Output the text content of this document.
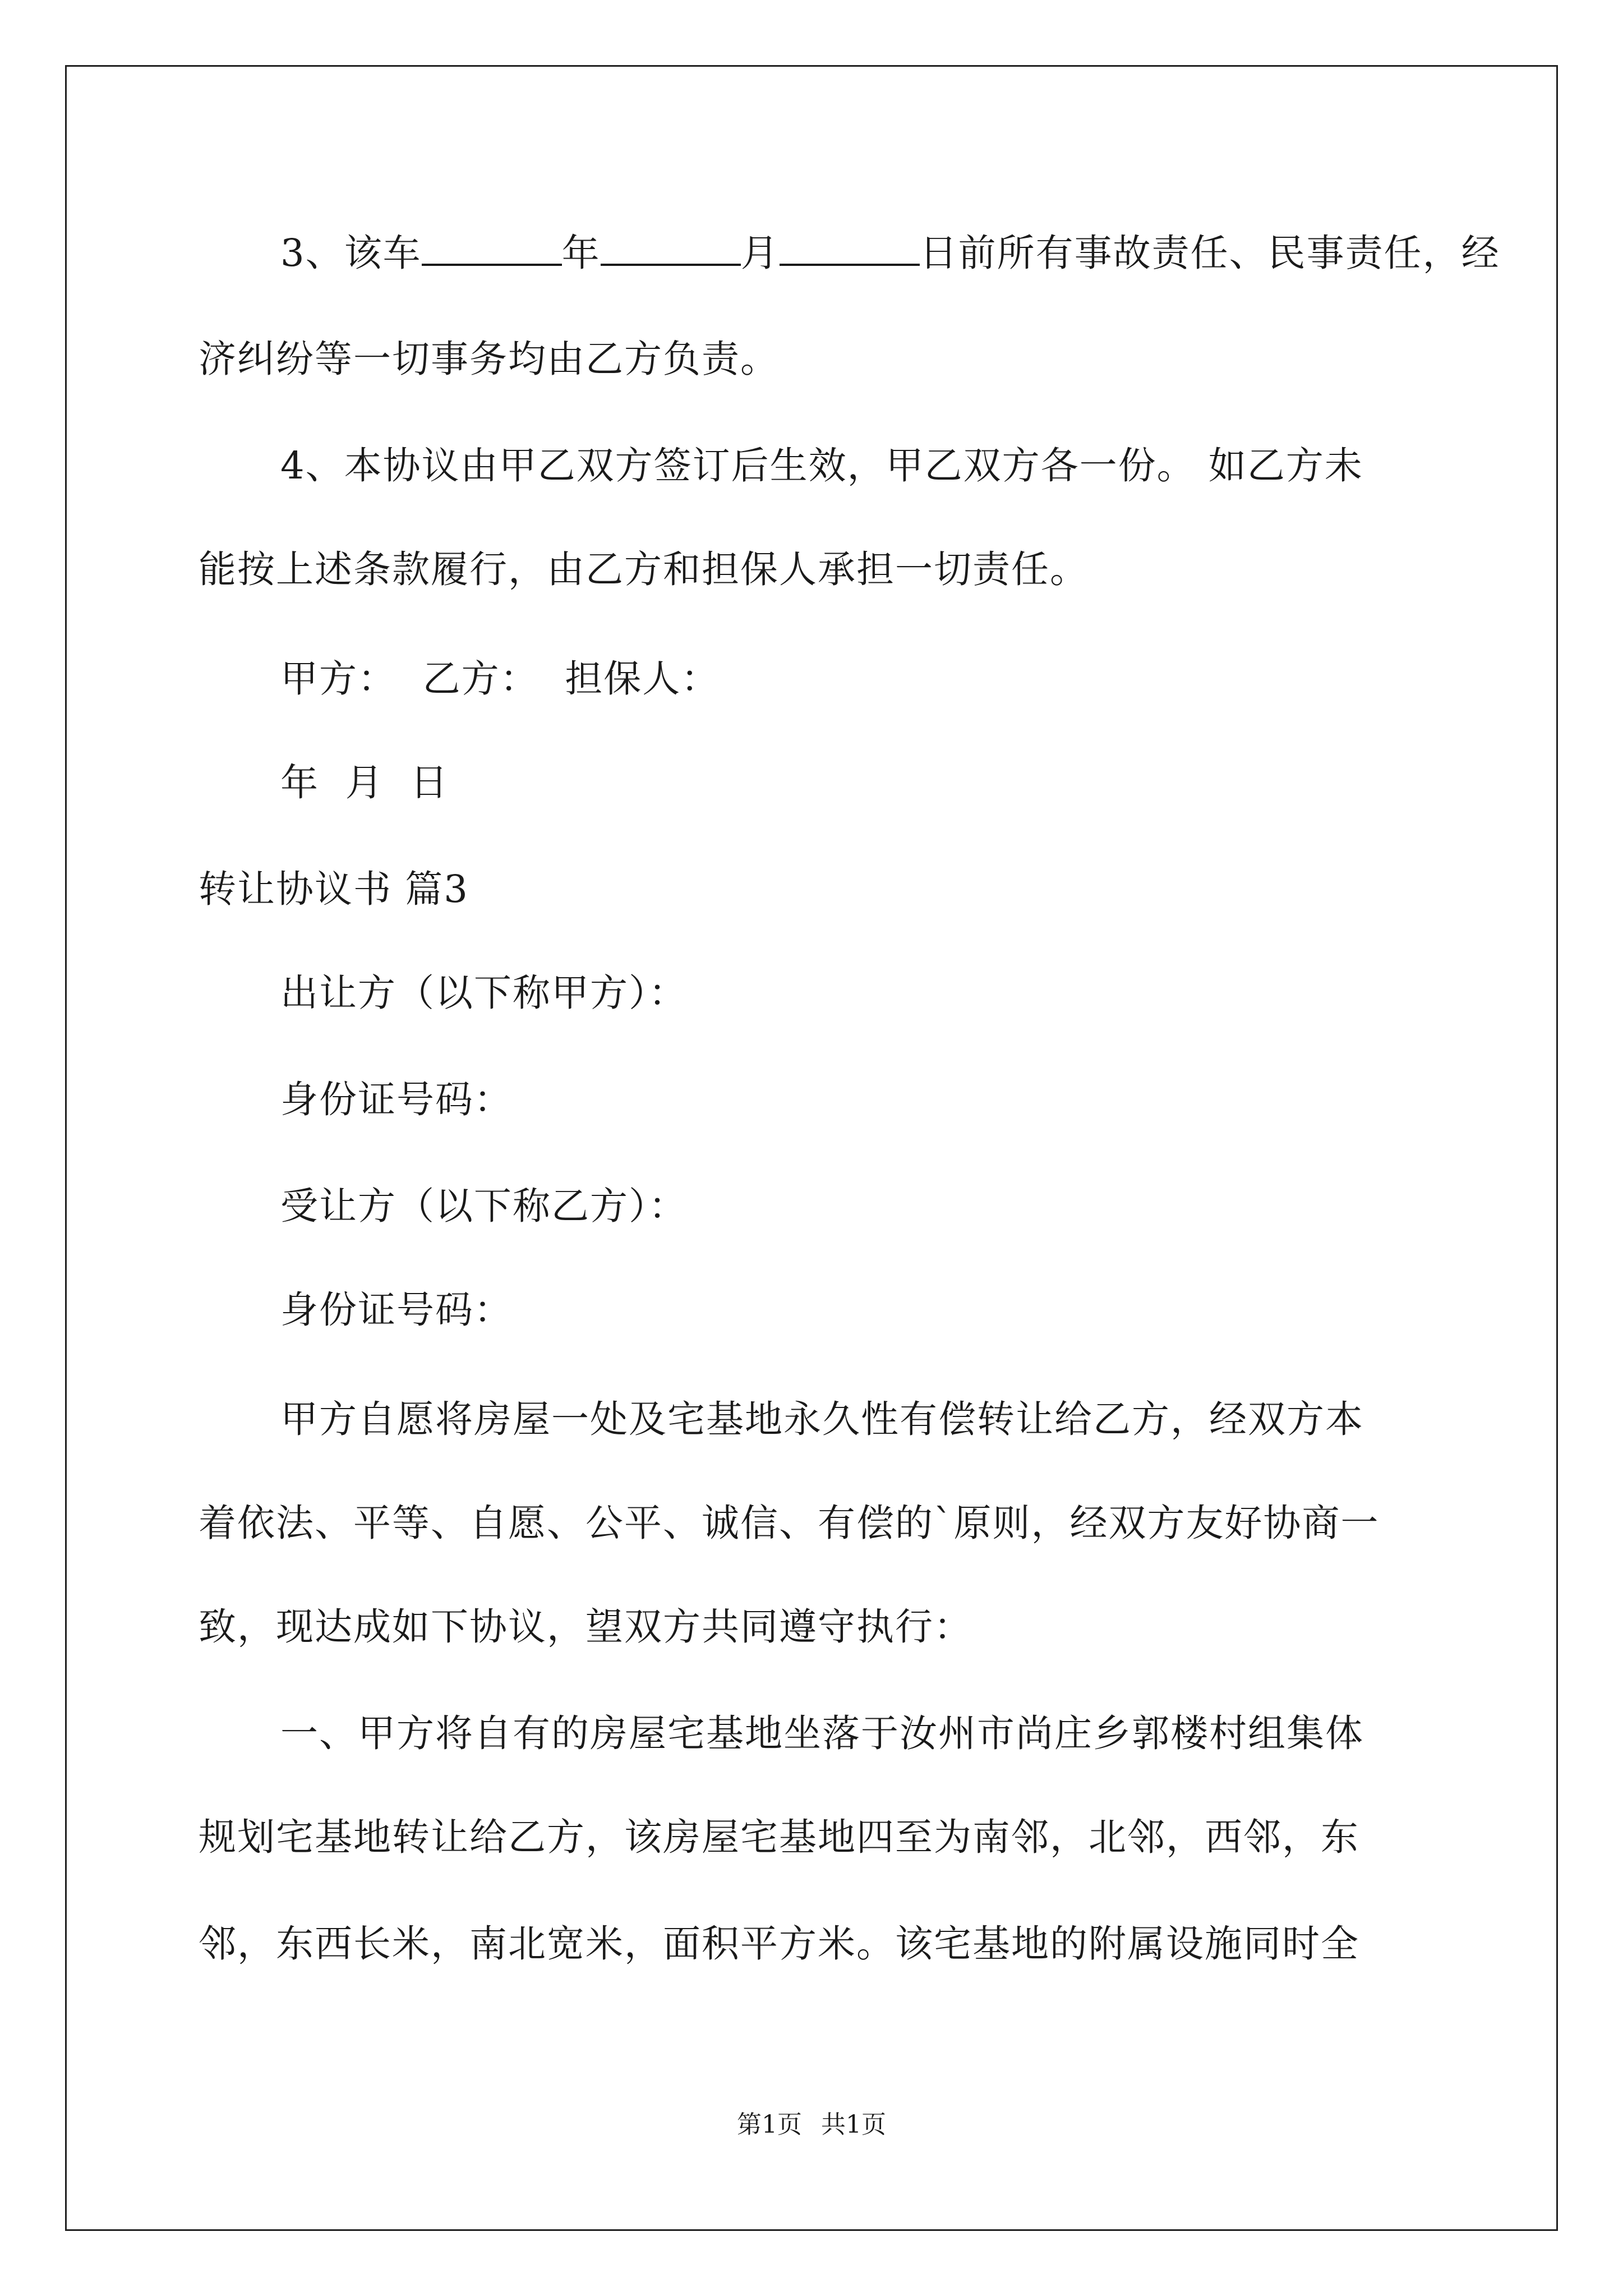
3、该车	年	月	日前所有事故责任、民事责任，经
济纠纷等一切事务均由乙方负责。
4、本协议由甲乙双方签订后生效，甲乙双方各一份。 如乙方未
能按上述条款履行，由乙方和担保人承担一切责任。
甲方：  乙方：  担保人：
年  月  日
转让协议书 篇3
出让方（以下称甲方）：
身份证号码：
受让方（以下称乙方）：
身份证号码：
甲方自愿将房屋一处及宅基地永久性有偿转让给乙方，经双方本
着依法、平等、自愿、公平、诚信、有偿的`原则，经双方友好协商一
致，现达成如下协议，望双方共同遵守执行：
一、甲方将自有的房屋宅基地坐落于汝州市尚庄乡郭楼村组集体
规划宅基地转让给乙方，该房屋宅基地四至为南邻，北邻，西邻，东
邻，东西长米，南北宽米，面积平方米。该宅基地的附属设施同时全
第1页 共1页
